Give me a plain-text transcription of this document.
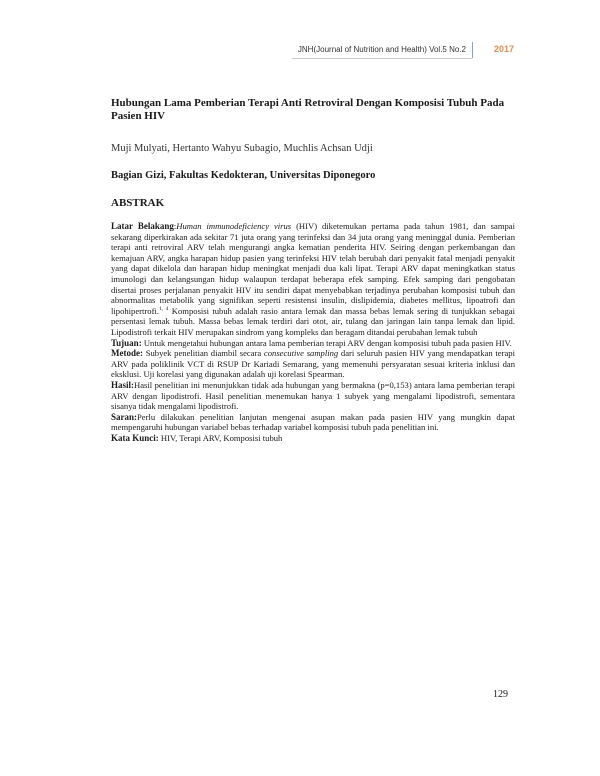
JNH(Journal of Nutrition and Health) Vol.5 No.2	2017
Hubungan Lama Pemberian Terapi Anti Retroviral Dengan Komposisi Tubuh Pada Pasien HIV

Muji Mulyati, Hertanto Wahyu Subagio, Muchlis Achsan Udji

Bagian Gizi, Fakultas Kedokteran, Universitas Diponegoro

ABSTRAK

Latar Belakang:Human immunodeficiency virus (HIV) diketemukan pertama pada tahun 1981, dan sampai sekarang diperkirakan ada sekitar 71 juta orang yang terinfeksi dan 34 juta orang yang meninggal dunia. Pemberian terapi anti retroviral ARV telah mengurangi angka kematian penderita HIV. Seiring dengan perkembangan dan kemajuan ARV, angka harapan hidup pasien yang terinfeksi HIV telah berubah dari penyakit fatal menjadi penyakit yang dapat dikelola dan harapan hidup meningkat menjadi dua kali lipat. Terapi ARV dapat meningkatkan status imunologi dan kelangsungan hidup walaupun terdapat beberapa efek samping. Efek samping dari pengobatan disertai proses perjalanan penyakit HIV itu sendiri dapat menyebabkan terjadinya perubahan komposisi tubuh dan abnormalitas metabolik yang signifikan seperti resistensi insulin, dislipidemia, diabetes mellitus, lipoatrofi dan lipohipertrofi.$^{1, 4}$ Komposisi tubuh adalah rasio antara lemak dan massa bebas lemak sering di tunjukkan sebagai persentasi lemak tubuh. Massa bebas lemak terdiri dari otot, air, tulang dan jaringan lain tanpa lemak dan lipid. Lipodistrofi terkait HIV merupakan sindrom yang kompleks dan beragam ditandai perubahan lemak tubuh

Tujuan: Untuk mengetahui hubungan antara lama pemberian terapi ARV dengan komposisi tubuh pada pasien HIV.

Metode: Subyek penelitian diambil secara consecutive sampling dari seluruh pasien HIV yang mendapatkan terapi ARV pada poliklinik VCT di RSUP Dr Kariadi Semarang, yang memenuhi persyaratan sesuai kriteria inklusi dan eksklusi. Uji korelasi yang digunakan adalah uji korelasi Spearman.

Hasil:Hasil penelitian ini menunjukkan tidak ada hubungan yang bermakna (p=0,153) antara lama pemberian terapi ARV dengan lipodistrofi. Hasil penelitian menemukan hanya 1 subyek yang mengalami lipodistrofi, sementara sisanya tidak mengalami lipodistrofi.

Saran:Perlu dilakukan penelitian lanjutan mengenai asupan makan pada pasien HIV yang mungkin dapat mempengaruhi hubungan variabel bebas terhadap variabel komposisi tubuh pada penelitian ini.

Kata Kunci: HIV, Terapi ARV, Komposisi tubuh

129
